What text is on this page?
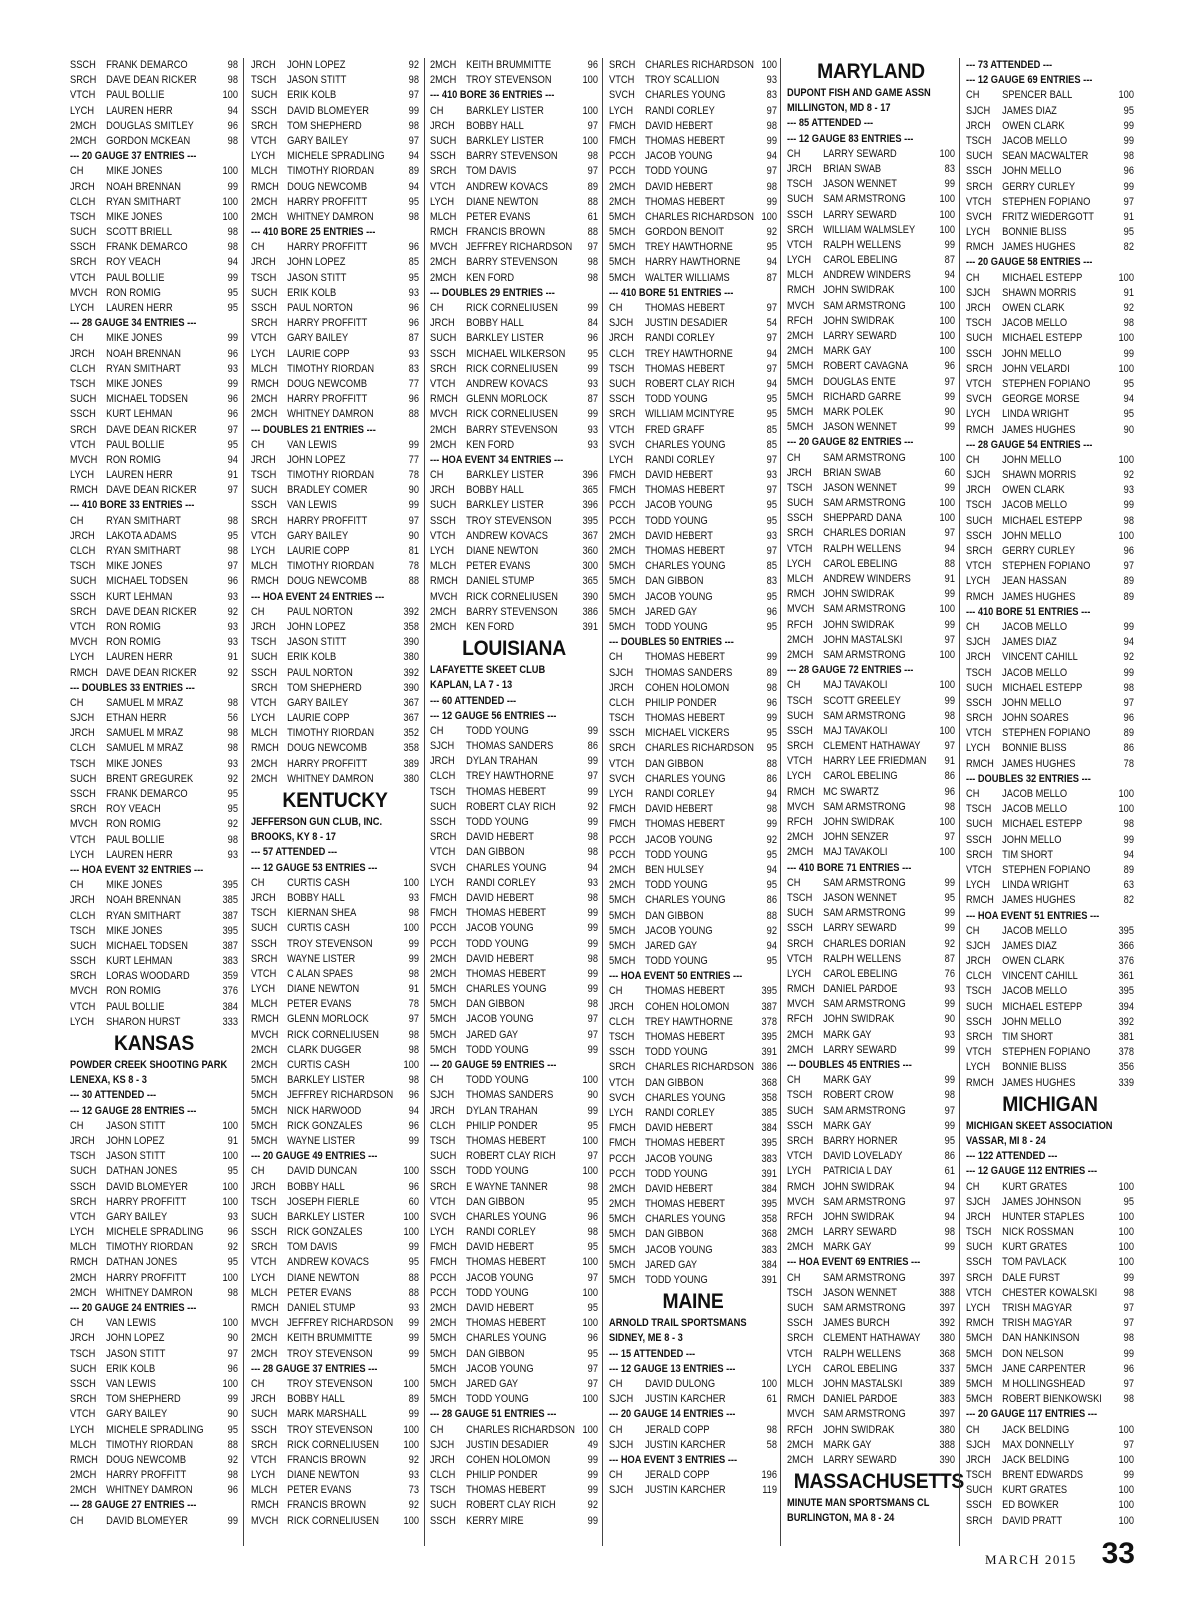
SSCH FRANK DEMARCO	98
SRCH DAVE DEAN RICKER	98
VTCH PAUL BOLLIE	100
LYCH LAUREN HERR	94
2MCH DOUGLAS SMITLEY	96
2MCH GORDON MCKEAN	98
--- 20 GAUGE 37 ENTRIES ---
CH MIKE JONES	100
JRCH NOAH BRENNAN	99
CLCH RYAN SMITHART	100
TSCH MIKE JONES	100
SUCH SCOTT BRIELL	98
SSCH FRANK DEMARCO	98
SRCH ROY VEACH	94
VTCH PAUL BOLLIE	99
MVCH RON ROMIG	95
LYCH LAUREN HERR	95
--- 28 GAUGE 34 ENTRIES ---
CH MIKE JONES	99
JRCH NOAH BRENNAN	96
CLCH RYAN SMITHART	93
TSCH MIKE JONES	99
SUCH MICHAEL TODSEN	96
SSCH KURT LEHMAN	96
SRCH DAVE DEAN RICKER	97
VTCH PAUL BOLLIE	95
MVCH RON ROMIG	94
LYCH LAUREN HERR	91
RMCH DAVE DEAN RICKER	97
--- 410 BORE 33 ENTRIES ---
CH RYAN SMITHART	98
JRCH LAKOTA ADAMS	95
CLCH RYAN SMITHART	98
TSCH MIKE JONES	97
SUCH MICHAEL TODSEN	96
SSCH KURT LEHMAN	93
SRCH DAVE DEAN RICKER	92
VTCH RON ROMIG	93
MVCH RON ROMIG	93
LYCH LAUREN HERR	91
RMCH DAVE DEAN RICKER	92
--- DOUBLES 33 ENTRIES ---
CH SAMUEL M MRAZ	98
SJCH ETHAN HERR	56
JRCH SAMUEL M MRAZ	98
CLCH SAMUEL M MRAZ	98
TSCH MIKE JONES	93
SUCH BRENT GREGUREK	92
SSCH FRANK DEMARCO	95
SRCH ROY VEACH	95
MVCH RON ROMIG	92
VTCH PAUL BOLLIE	98
LYCH LAUREN HERR	93
--- HOA EVENT 32 ENTRIES ---
CH MIKE JONES	395
JRCH NOAH BRENNAN	385
CLCH RYAN SMITHART	387
TSCH MIKE JONES	395
SUCH MICHAEL TODSEN	387
SSCH KURT LEHMAN	383
SRCH LORAS WOODARD	359
MVCH RON ROMIG	376
VTCH PAUL BOLLIE	384
LYCH SHARON HURST	333
KANSAS
POWDER CREEK SHOOTING PARK
LENEXA, KS 8 - 3
--- 30 ATTENDED ---
--- 12 GAUGE 28 ENTRIES ---
CH JASON STITT	100
JRCH JOHN LOPEZ	91
TSCH JASON STITT	100
SUCH DATHAN JONES	95
SSCH DAVID BLOMEYER	100
SRCH HARRY PROFFITT	100
VTCH GARY BAILEY	93
LYCH MICHELE SPRADLING 96
MLCH TIMOTHY RIORDAN	92
RMCH DATHAN JONES	95
2MCH HARRY PROFFITT	100
2MCH WHITNEY DAMRON	98
--- 20 GAUGE 24 ENTRIES ---
CH VAN LEWIS	100
JRCH JOHN LOPEZ	90
TSCH JASON STITT	97
SUCH ERIK KOLB	96
SSCH VAN LEWIS	100
SRCH TOM SHEPHERD	99
VTCH GARY BAILEY	90
LYCH MICHELE SPRADLING 95
MLCH TIMOTHY RIORDAN	88
RMCH DOUG NEWCOMB	92
2MCH HARRY PROFFITT	98
2MCH WHITNEY DAMRON	96
--- 28 GAUGE 27 ENTRIES ---
CH DAVID BLOMEYER	99
JRCH JOHN LOPEZ	92
TSCH JASON STITT	98
SUCH ERIK KOLB	97
SSCH DAVID BLOMEYER	99
SRCH TOM SHEPHERD	98
VTCH GARY BAILEY	97
LYCH MICHELE SPRADLING 94
MLCH TIMOTHY RIORDAN	89
RMCH DOUG NEWCOMB	94
2MCH HARRY PROFFITT	95
2MCH WHITNEY DAMRON	98
--- 410 BORE 25 ENTRIES ---
CH HARRY PROFFITT	96
JRCH JOHN LOPEZ	85
TSCH JASON STITT	95
SUCH ERIK KOLB	93
SSCH PAUL NORTON	96
SRCH HARRY PROFFITT	96
VTCH GARY BAILEY	87
LYCH LAURIE COPP	93
MLCH TIMOTHY RIORDAN	83
RMCH DOUG NEWCOMB	77
2MCH HARRY PROFFITT	96
2MCH WHITNEY DAMRON	88
--- DOUBLES 21 ENTRIES ---
CH VAN LEWIS	99
JRCH JOHN LOPEZ	77
TSCH TIMOTHY RIORDAN	78
SUCH BRADLEY COMER	90
SSCH VAN LEWIS	99
SRCH HARRY PROFFITT	97
VTCH GARY BAILEY	90
LYCH LAURIE COPP	81
MLCH TIMOTHY RIORDAN	78
RMCH DOUG NEWCOMB	88
--- HOA EVENT 24 ENTRIES ---
CH PAUL NORTON	392
JRCH JOHN LOPEZ	358
TSCH JASON STITT	390
SUCH ERIK KOLB	380
SSCH PAUL NORTON	392
SRCH TOM SHEPHERD	390
VTCH GARY BAILEY	367
LYCH LAURIE COPP	367
MLCH TIMOTHY RIORDAN	352
RMCH DOUG NEWCOMB	358
2MCH HARRY PROFFITT	389
2MCH WHITNEY DAMRON	380
KENTUCKY
JEFFERSON GUN CLUB, INC.
BROOKS, KY 8 - 17
--- 57 ATTENDED ---
--- 12 GAUGE 53 ENTRIES ---
CH CURTIS CASH	100
JRCH BOBBY HALL	93
TSCH KIERNAN SHEA	98
SUCH CURTIS CASH	100
SSCH TROY STEVENSON	99
SRCH WAYNE LISTER	99
VTCH C ALAN SPAES	98
LYCH DIANE NEWTON	91
MLCH PETER EVANS	78
RMCH GLENN MORLOCK	97
MVCH RICK CORNELIUSEN	98
2MCH CLARK DUGGER	98
2MCH CURTIS CASH	100
5MCH BARKLEY LISTER	98
5MCH JEFFREY RICHARDSON 96
5MCH NICK HARWOOD	94
5MCH RICK GONZALES	96
5MCH WAYNE LISTER	99
--- 20 GAUGE 49 ENTRIES ---
CH DAVID DUNCAN	100
JRCH BOBBY HALL	96
TSCH JOSEPH FIERLE	60
SUCH BARKLEY LISTER	100
SSCH RICK GONZALES	100
SRCH TOM DAVIS	99
VTCH ANDREW KOVACS	95
LYCH DIANE NEWTON	88
MLCH PETER EVANS	88
RMCH DANIEL STUMP	93
MVCH JEFFREY RICHARDSON 99
2MCH KEITH BRUMMITTE	99
2MCH TROY STEVENSON	99
--- 28 GAUGE 37 ENTRIES ---
CH TROY STEVENSON	100
JRCH BOBBY HALL	89
SUCH MARK MARSHALL	99
SSCH TROY STEVENSON	100
SRCH RICK CORNELIUSEN 100
VTCH FRANCIS BROWN	92
LYCH DIANE NEWTON	93
MLCH PETER EVANS	73
RMCH FRANCIS BROWN	92
MVCH RICK CORNELIUSEN 100
2MCH KEITH BRUMMITTE	96
2MCH TROY STEVENSON	100
--- 410 BORE 36 ENTRIES ---
CH BARKLEY LISTER	100
JRCH BOBBY HALL	97
SUCH BARKLEY LISTER	100
SSCH BARRY STEVENSON	98
SRCH TOM DAVIS	97
VTCH ANDREW KOVACS	89
LYCH DIANE NEWTON	88
MLCH PETER EVANS	61
RMCH FRANCIS BROWN	88
MVCH JEFFREY RICHARDSON 97
2MCH BARRY STEVENSON	98
2MCH KEN FORD	98
--- DOUBLES 29 ENTRIES ---
CH RICK CORNELIUSEN	99
JRCH BOBBY HALL	84
SUCH BARKLEY LISTER	96
SSCH MICHAEL WILKERSON 95
SRCH RICK CORNELIUSEN	99
VTCH ANDREW KOVACS	93
RMCH GLENN MORLOCK	87
MVCH RICK CORNELIUSEN	99
2MCH BARRY STEVENSON	93
2MCH KEN FORD	93
--- HOA EVENT 34 ENTRIES ---
CH BARKLEY LISTER	396
JRCH BOBBY HALL	365
SUCH BARKLEY LISTER	396
SSCH TROY STEVENSON	395
VTCH ANDREW KOVACS	367
LYCH DIANE NEWTON	360
MLCH PETER EVANS	300
RMCH DANIEL STUMP	365
MVCH RICK CORNELIUSEN 390
2MCH BARRY STEVENSON 386
2MCH KEN FORD	391
LOUISIANA
LAFAYETTE SKEET CLUB
KAPLAN, LA 7 - 13
--- 60 ATTENDED ---
--- 12 GAUGE 56 ENTRIES ---
CH TODD YOUNG	99
SJCH THOMAS SANDERS	86
JRCH DYLAN TRAHAN	99
CLCH TREY HAWTHORNE	97
TSCH THOMAS HEBERT	99
SUCH ROBERT CLAY RICH	92
SSCH TODD YOUNG	99
SRCH DAVID HEBERT	98
VTCH DAN GIBBON	98
SVCH CHARLES YOUNG	94
LYCH RANDI CORLEY	93
FMCH DAVID HEBERT	98
FMCH THOMAS HEBERT	99
PCCH JACOB YOUNG	99
PCCH TODD YOUNG	99
2MCH DAVID HEBERT	98
2MCH THOMAS HEBERT	99
5MCH CHARLES YOUNG	99
5MCH DAN GIBBON	98
5MCH JACOB YOUNG	97
5MCH JARED GAY	97
5MCH TODD YOUNG	99
--- 20 GAUGE 59 ENTRIES ---
CH TODD YOUNG	100
SJCH THOMAS SANDERS	90
JRCH DYLAN TRAHAN	99
CLCH PHILIP PONDER	95
TSCH THOMAS HEBERT	100
SUCH ROBERT CLAY RICH	97
SSCH TODD YOUNG	100
SRCH E WAYNE TANNER	98
VTCH DAN GIBBON	95
SVCH CHARLES YOUNG	96
LYCH RANDI CORLEY	98
FMCH DAVID HEBERT	95
FMCH THOMAS HEBERT	100
PCCH JACOB YOUNG	97
PCCH TODD YOUNG	100
2MCH DAVID HEBERT	95
2MCH THOMAS HEBERT	100
5MCH CHARLES YOUNG	96
5MCH DAN GIBBON	95
5MCH JACOB YOUNG	97
5MCH JARED GAY	97
5MCH TODD YOUNG	100
--- 28 GAUGE 51 ENTRIES ---
CH CHARLES RICHARDSON 100
SJCH JUSTIN DESADIER	49
JRCH COHEN HOLOMON	99
CLCH PHILIP PONDER	99
TSCH THOMAS HEBERT	99
SUCH ROBERT CLAY RICH	92
SSCH KERRY MIRE	99
SRCH CHARLES RICHARDSON 100
VTCH TROY SCALLION	93
SVCH CHARLES YOUNG	83
LYCH RANDI CORLEY	97
FMCH DAVID HEBERT	98
FMCH THOMAS HEBERT	99
PCCH JACOB YOUNG	94
PCCH TODD YOUNG	97
2MCH DAVID HEBERT	98
2MCH THOMAS HEBERT	99
5MCH CHARLES RICHARDSON 100
5MCH GORDON BENOIT	92
5MCH TREY HAWTHORNE	95
5MCH HARRY HAWTHORNE 94
5MCH WALTER WILLIAMS	87
--- 410 BORE 51 ENTRIES ---
CH THOMAS HEBERT	97
SJCH JUSTIN DESADIER	54
JRCH RANDI CORLEY	97
CLCH TREY HAWTHORNE	94
TSCH THOMAS HEBERT	97
SUCH ROBERT CLAY RICH	94
SSCH TODD YOUNG	95
SRCH WILLIAM MCINTYRE	95
VTCH FRED GRAFF	85
SVCH CHARLES YOUNG	85
LYCH RANDI CORLEY	97
FMCH DAVID HEBERT	93
FMCH THOMAS HEBERT	97
PCCH JACOB YOUNG	95
PCCH TODD YOUNG	95
2MCH DAVID HEBERT	93
2MCH THOMAS HEBERT	97
5MCH CHARLES YOUNG	85
5MCH DAN GIBBON	83
5MCH JACOB YOUNG	95
5MCH JARED GAY	96
5MCH TODD YOUNG	95
--- DOUBLES 50 ENTRIES ---
CH THOMAS HEBERT	99
SJCH THOMAS SANDERS	89
JRCH COHEN HOLOMON	98
CLCH PHILIP PONDER	96
TSCH THOMAS HEBERT	99
SSCH MICHAEL VICKERS	95
SRCH CHARLES RICHARDSON 95
VTCH DAN GIBBON	88
SVCH CHARLES YOUNG	86
LYCH RANDI CORLEY	94
FMCH DAVID HEBERT	98
FMCH THOMAS HEBERT	99
PCCH JACOB YOUNG	92
PCCH TODD YOUNG	95
2MCH BEN HULSEY	94
2MCH TODD YOUNG	95
5MCH CHARLES YOUNG	86
5MCH DAN GIBBON	88
5MCH JACOB YOUNG	92
5MCH JARED GAY	94
5MCH TODD YOUNG	95
--- HOA EVENT 50 ENTRIES ---
CH THOMAS HEBERT	395
JRCH COHEN HOLOMON	387
CLCH TREY HAWTHORNE	378
TSCH THOMAS HEBERT	395
SSCH TODD YOUNG	391
SRCH CHARLES RICHARDSON 386
VTCH DAN GIBBON	368
SVCH CHARLES YOUNG	358
LYCH RANDI CORLEY	385
FMCH DAVID HEBERT	384
FMCH THOMAS HEBERT	395
PCCH JACOB YOUNG	383
PCCH TODD YOUNG	391
2MCH DAVID HEBERT	384
2MCH THOMAS HEBERT	395
5MCH CHARLES YOUNG	358
5MCH DAN GIBBON	368
5MCH JACOB YOUNG	383
5MCH JARED GAY	384
5MCH TODD YOUNG	391
MAINE
ARNOLD TRAIL SPORTSMANS
SIDNEY, ME 8 - 3
--- 15 ATTENDED ---
--- 12 GAUGE 13 ENTRIES ---
CH DAVID DULONG	100
SJCH JUSTIN KARCHER	61
--- 20 GAUGE 14 ENTRIES ---
CH JERALD COPP	98
SJCH JUSTIN KARCHER	58
--- HOA EVENT 3 ENTRIES ---
CH JERALD COPP	196
SJCH JUSTIN KARCHER	119
MARYLAND
DUPONT FISH AND GAME ASSN
MILLINGTON, MD 8 - 17
--- 85 ATTENDED ---
--- 12 GAUGE 83 ENTRIES ---
CH LARRY SEWARD	100
JRCH BRIAN SWAB	83
TSCH JASON WENNET	99
SUCH SAM ARMSTRONG	100
SSCH LARRY SEWARD	100
SRCH WILLIAM WALMSLEY 100
VTCH RALPH WELLENS	99
LYCH CAROL EBELING	87
MLCH ANDREW WINDERS	94
RMCH JOHN SWIDRAK	100
MVCH SAM ARMSTRONG	100
RFCH JOHN SWIDRAK	100
2MCH LARRY SEWARD	100
2MCH MARK GAY	100
5MCH ROBERT CAVAGNA	96
5MCH DOUGLAS ENTE	97
5MCH RICHARD GARRE	99
5MCH MARK POLEK	90
5MCH JASON WENNET	99
--- 20 GAUGE 82 ENTRIES ---
CH SAM ARMSTRONG	100
JRCH BRIAN SWAB	60
TSCH JASON WENNET	99
SUCH SAM ARMSTRONG	100
SSCH SHEPPARD DANA	100
SRCH CHARLES DORIAN	97
VTCH RALPH WELLENS	94
LYCH CAROL EBELING	88
MLCH ANDREW WINDERS	91
RMCH JOHN SWIDRAK	99
MVCH SAM ARMSTRONG	100
RFCH JOHN SWIDRAK	99
2MCH JOHN MASTALSKI	97
2MCH SAM ARMSTRONG	100
--- 28 GAUGE 72 ENTRIES ---
CH MAJ TAVAKOLI	100
TSCH SCOTT GREELEY	99
SUCH SAM ARMSTRONG	98
SSCH MAJ TAVAKOLI	100
SRCH CLEMENT HATHAWAY 97
VTCH HARRY LEE FRIEDMAN 91
LYCH CAROL EBELING	86
RMCH MC SWARTZ	96
MVCH SAM ARMSTRONG	98
RFCH JOHN SWIDRAK	100
2MCH JOHN SENZER	97
2MCH MAJ TAVAKOLI	100
--- 410 BORE 71 ENTRIES ---
CH SAM ARMSTRONG	99
TSCH JASON WENNET	95
SUCH SAM ARMSTRONG	99
SSCH LARRY SEWARD	99
SRCH CHARLES DORIAN	92
VTCH RALPH WELLENS	87
LYCH CAROL EBELING	76
RMCH DANIEL PARDOE	93
MVCH SAM ARMSTRONG	99
RFCH JOHN SWIDRAK	90
2MCH MARK GAY	93
2MCH LARRY SEWARD	99
--- DOUBLES 45 ENTRIES ---
CH MARK GAY	99
TSCH ROBERT CROW	98
SUCH SAM ARMSTRONG	97
SSCH MARK GAY	99
SRCH BARRY HORNER	95
VTCH DAVID LOVELADY	86
LYCH PATRICIA L DAY	61
RMCH JOHN SWIDRAK	94
MVCH SAM ARMSTRONG	97
RFCH JOHN SWIDRAK	94
2MCH LARRY SEWARD	98
2MCH MARK GAY	99
--- HOA EVENT 69 ENTRIES ---
CH SAM ARMSTRONG	397
TSCH JASON WENNET	388
SUCH SAM ARMSTRONG	397
SSCH JAMES BURCH	392
SRCH CLEMENT HATHAWAY 380
VTCH RALPH WELLENS	368
LYCH CAROL EBELING	337
MLCH JOHN MASTALSKI	389
RMCH DANIEL PARDOE	383
MVCH SAM ARMSTRONG	397
RFCH JOHN SWIDRAK	380
2MCH MARK GAY	388
2MCH LARRY SEWARD	390
MASSACHUSETTS
MINUTE MAN SPORTSMANS CL
BURLINGTON, MA 8 - 24
--- 73 ATTENDED ---
--- 12 GAUGE 69 ENTRIES ---
CH SPENCER BALL	100
SJCH JAMES DIAZ	95
JRCH OWEN CLARK	99
TSCH JACOB MELLO	99
SUCH SEAN MACWALTER	98
SSCH JOHN MELLO	96
SRCH GERRY CURLEY	99
VTCH STEPHEN FOPIANO	97
SVCH FRITZ WIEDERGOTT	91
LYCH BONNIE BLISS	95
RMCH JAMES HUGHES	82
--- 20 GAUGE 58 ENTRIES ---
CH MICHAEL ESTEPP	100
SJCH SHAWN MORRIS	91
JRCH OWEN CLARK	92
TSCH JACOB MELLO	98
SUCH MICHAEL ESTEPP	100
SSCH JOHN MELLO	99
SRCH JOHN VELARDI	100
VTCH STEPHEN FOPIANO	95
SVCH GEORGE MORSE	94
LYCH LINDA WRIGHT	95
RMCH JAMES HUGHES	90
--- 28 GAUGE 54 ENTRIES ---
CH JOHN MELLO	100
SJCH SHAWN MORRIS	92
JRCH OWEN CLARK	93
TSCH JACOB MELLO	99
SUCH MICHAEL ESTEPP	98
SSCH JOHN MELLO	100
SRCH GERRY CURLEY	96
VTCH STEPHEN FOPIANO	97
LYCH JEAN HASSAN	89
RMCH JAMES HUGHES	89
--- 410 BORE 51 ENTRIES ---
CH JACOB MELLO	99
SJCH JAMES DIAZ	94
JRCH VINCENT CAHILL	92
TSCH JACOB MELLO	99
SUCH MICHAEL ESTEPP	98
SSCH JOHN MELLO	97
SRCH JOHN SOARES	96
VTCH STEPHEN FOPIANO	89
LYCH BONNIE BLISS	86
RMCH JAMES HUGHES	78
--- DOUBLES 32 ENTRIES ---
CH JACOB MELLO	100
TSCH JACOB MELLO	100
SUCH MICHAEL ESTEPP	98
SSCH JOHN MELLO	99
SRCH TIM SHORT	94
VTCH STEPHEN FOPIANO	89
LYCH LINDA WRIGHT	63
RMCH JAMES HUGHES	82
--- HOA EVENT 51 ENTRIES ---
CH JACOB MELLO	395
SJCH JAMES DIAZ	366
JRCH OWEN CLARK	376
CLCH VINCENT CAHILL	361
TSCH JACOB MELLO	395
SUCH MICHAEL ESTEPP	394
SSCH JOHN MELLO	392
SRCH TIM SHORT	381
VTCH STEPHEN FOPIANO	378
LYCH BONNIE BLISS	356
RMCH JAMES HUGHES	339
MICHIGAN
MICHIGAN SKEET ASSOCIATION
VASSAR, MI 8 - 24
--- 122 ATTENDED ---
--- 12 GAUGE 112 ENTRIES ---
CH KURT GRATES	100
SJCH JAMES JOHNSON	95
JRCH HUNTER STAPLES	100
TSCH NICK ROSSMAN	100
SUCH KURT GRATES	100
SSCH TOM PAVLACK	100
SRCH DALE FURST	99
VTCH CHESTER KOWALSKI 98
LYCH TRISH MAGYAR	97
RMCH TRISH MAGYAR	97
5MCH DAN HANKINSON	98
5MCH DON NELSON	99
5MCH JANE CARPENTER	96
5MCH M HOLLINGSHEAD	97
5MCH ROBERT BIENKOWSKI 98
--- 20 GAUGE 117 ENTRIES ---
CH JACK BELDING	100
SJCH MAX DONNELLY	97
JRCH JACK BELDING	100
TSCH BRENT EDWARDS	99
SUCH KURT GRATES	100
SSCH ED BOWKER	100
SRCH DAVID PRATT	100
MARCH 2015 33
